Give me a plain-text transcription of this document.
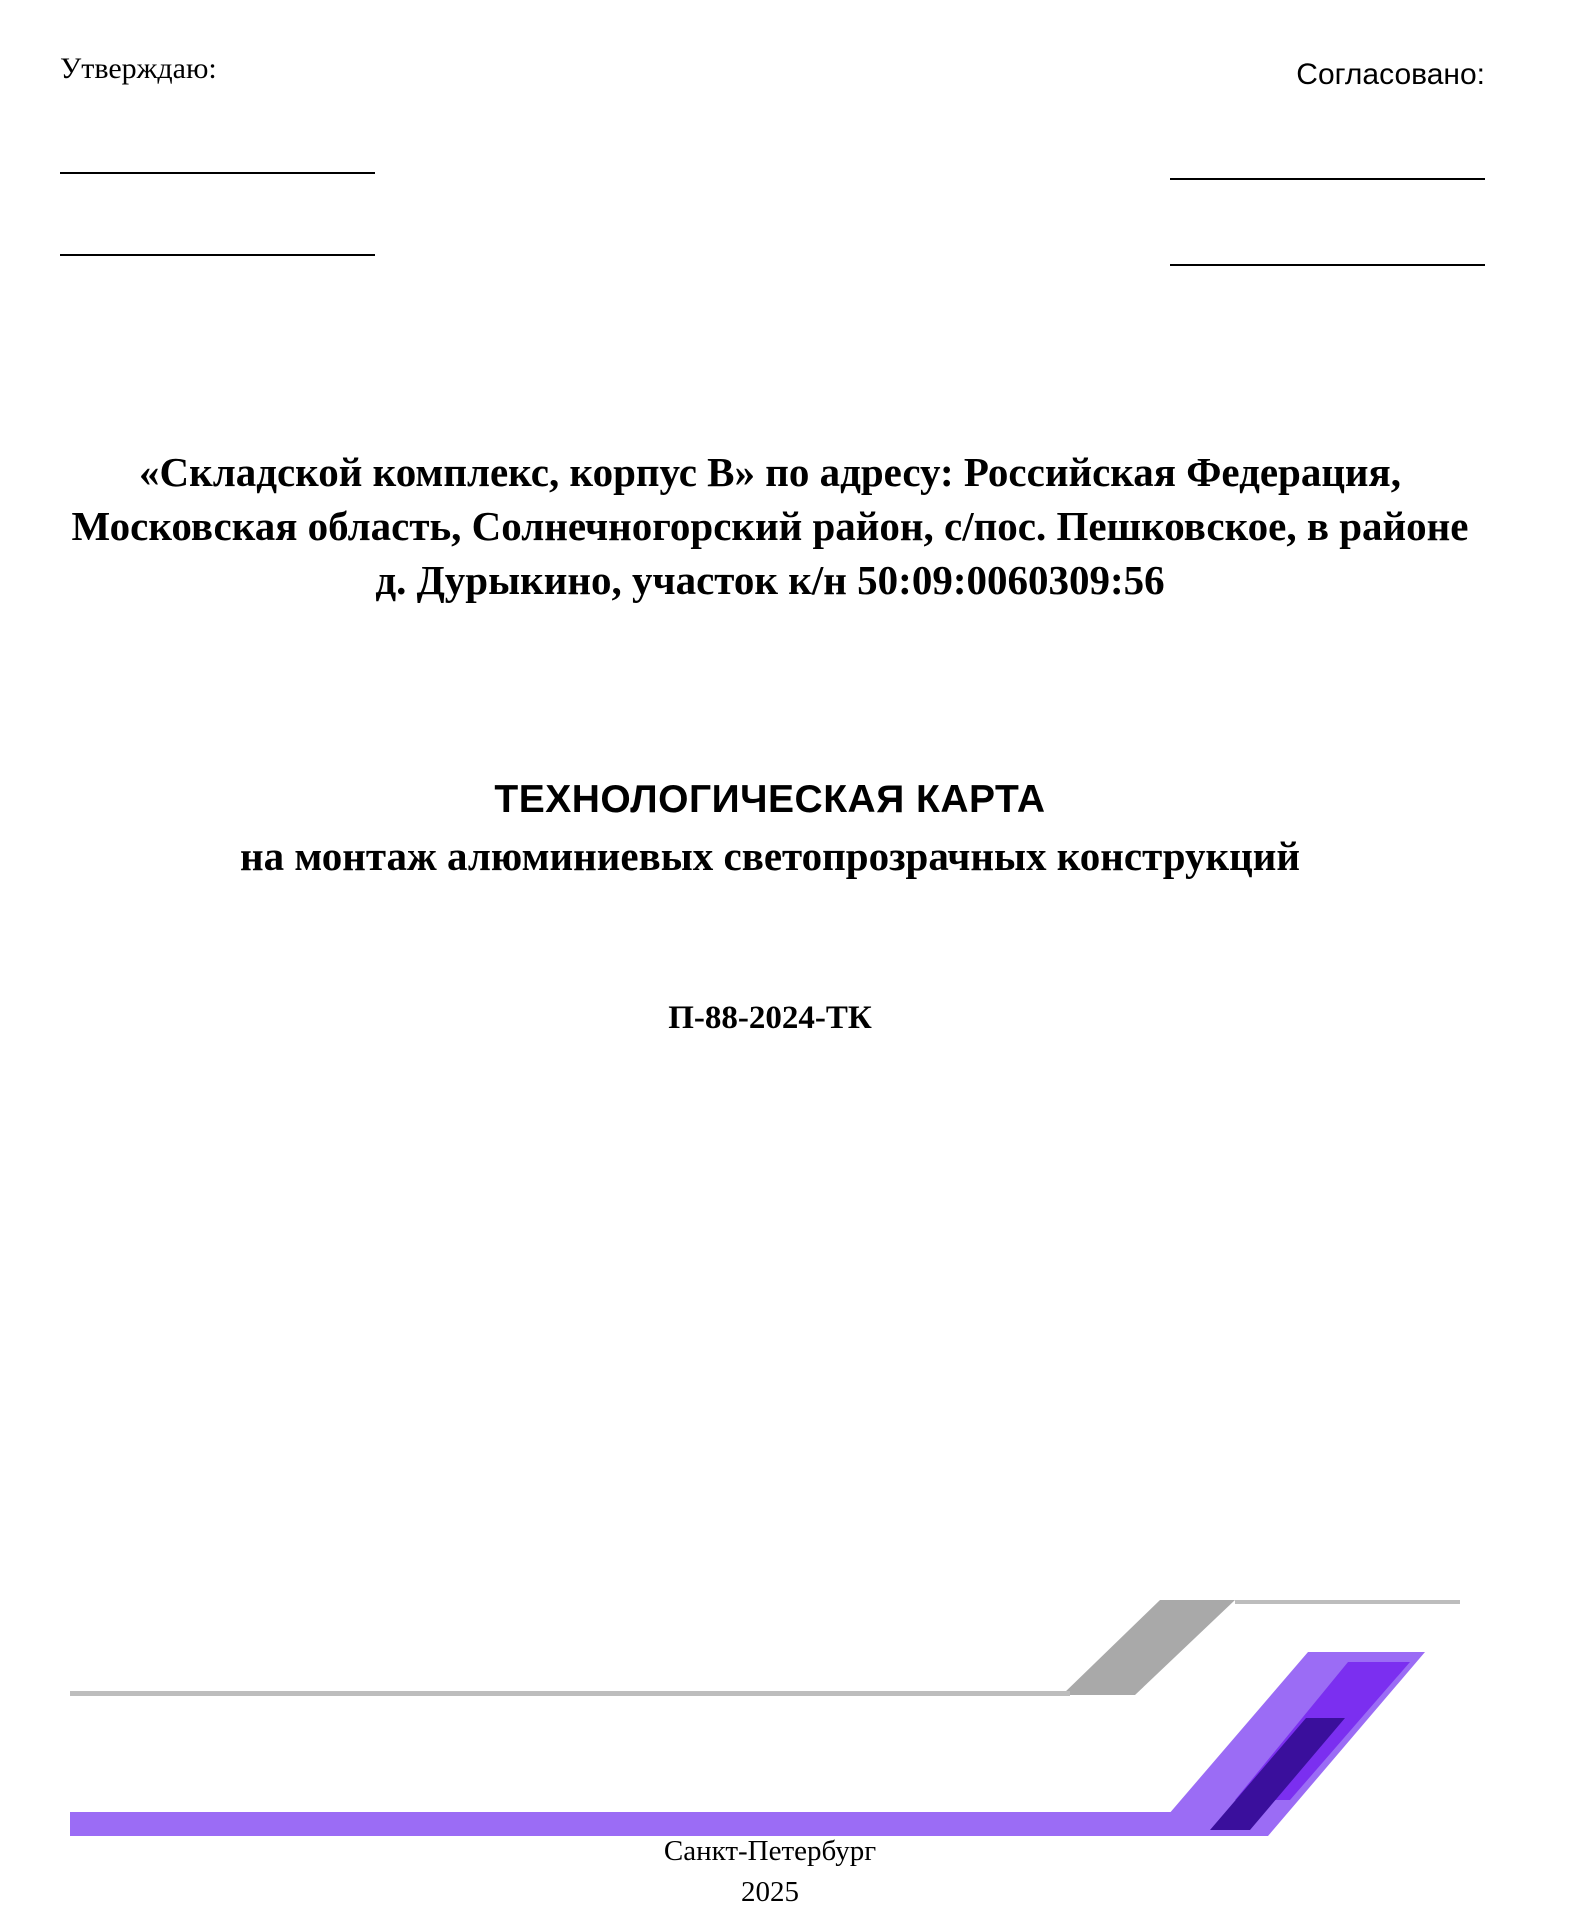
Утверждаю:	Согласовано:
«Складской комплекс, корпус В» по адресу: Российская Федерация, Московская область, Солнечногорский район, с/пос. Пешковское, в районе д. Дурыкино, участок к/н 50:09:0060309:56
ТЕХНОЛОГИЧЕСКАЯ КАРТА
на монтаж алюминиевых светопрозрачных конструкций
П-88-2024-ТК
Санкт-Петербург
2025
